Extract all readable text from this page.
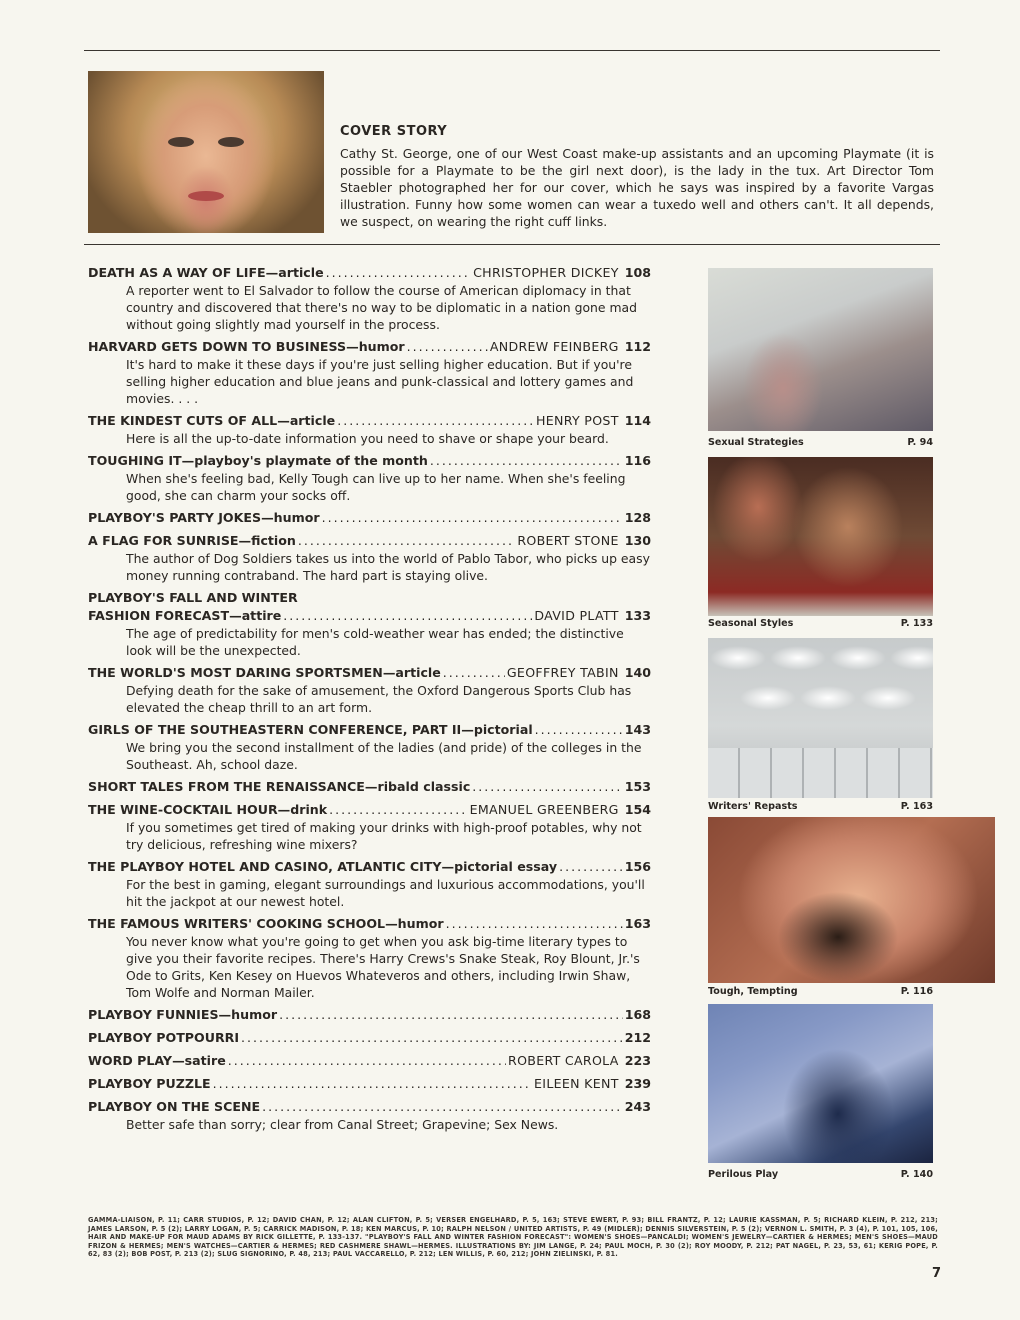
COVER STORY
Cathy St. George, one of our West Coast make-up assistants and an upcoming Playmate (it is possible for a Playmate to be the girl next door), is the lady in the tux. Art Director Tom Staebler photographed her for our cover, which he says was inspired by a favorite Vargas illustration. Funny how some women can wear a tuxedo well and others can't. It all depends, we suspect, on wearing the right cuff links.
DEATH AS A WAY OF LIFE—article .....	CHRISTOPHER DICKEY 108
A reporter went to El Salvador to follow the course of American diplomacy in that country and discovered that there's no way to be diplomatic in a nation gone mad without going slightly mad yourself in the process.
HARVARD GETS DOWN TO BUSINESS—humor .....	ANDREW FEINBERG 112
It's hard to make it these days if you're just selling higher education. But if you're selling higher education and blue jeans and punk-classical and lottery games and movies. . . .
THE KINDEST CUTS OF ALL—article .....	HENRY POST 114
Here is all the up-to-date information you need to shave or shape your beard.
TOUGHING IT—playboy's playmate of the month .....	116
When she's feeling bad, Kelly Tough can live up to her name. When she's feeling good, she can charm your socks off.
PLAYBOY'S PARTY JOKES—humor .....	128
A FLAG FOR SUNRISE—fiction .....	ROBERT STONE 130
The author of Dog Soldiers takes us into the world of Pablo Tabor, who picks up easy money running contraband. The hard part is staying olive.
PLAYBOY'S FALL AND WINTER
FASHION FORECAST—attire .....	DAVID PLATT 133
The age of predictability for men's cold-weather wear has ended; the distinctive look will be the unexpected.
THE WORLD'S MOST DARING SPORTSMEN—article .....	GEOFFREY TABIN 140
Defying death for the sake of amusement, the Oxford Dangerous Sports Club has elevated the cheap thrill to an art form.
GIRLS OF THE SOUTHEASTERN CONFERENCE, PART II—pictorial .....	143
We bring you the second installment of the ladies (and pride) of the colleges in the Southeast. Ah, school daze.
SHORT TALES FROM THE RENAISSANCE—ribald classic .....	153
THE WINE-COCKTAIL HOUR—drink .....	EMANUEL GREENBERG 154
If you sometimes get tired of making your drinks with high-proof potables, why not try delicious, refreshing wine mixers?
THE PLAYBOY HOTEL AND CASINO, ATLANTIC CITY—pictorial essay .....	156
For the best in gaming, elegant surroundings and luxurious accommodations, you'll hit the jackpot at our newest hotel.
THE FAMOUS WRITERS' COOKING SCHOOL—humor .....	163
You never know what you're going to get when you ask big-time literary types to give you their favorite recipes. There's Harry Crews's Snake Steak, Roy Blount, Jr.'s Ode to Grits, Ken Kesey on Huevos Whateveros and others, including Irwin Shaw, Tom Wolfe and Norman Mailer.
PLAYBOY FUNNIES—humor .....	168
PLAYBOY POTPOURRI .....	212
WORD PLAY—satire .....	ROBERT CAROLA 223
PLAYBOY PUZZLE .....	EILEEN KENT 239
PLAYBOY ON THE SCENE .....	243
Better safe than sorry; clear from Canal Street; Grapevine; Sex News.
Sexual Strategies	P. 94
Seasonal Styles	P. 133
Writers' Repasts	P. 163
Tough, Tempting	P. 116
Perilous Play	P. 140
GAMMA-LIAISON, P. 11; CARR STUDIOS, P. 12; DAVID CHAN, P. 12; ALAN CLIFTON, P. 5; VERSER ENGELHARD, P. 5, 163; STEVE EWERT, P. 93; BILL FRANTZ, P. 12; LAURIE KASSMAN, P. 5; RICHARD KLEIN, P. 212, 213; JAMES LARSON, P. 5 (2); LARRY LOGAN, P. 5; CARRICK MADISON, P. 18; KEN MARCUS, P. 10; RALPH NELSON / UNITED ARTISTS, P. 49 (MIDLER); DENNIS SILVERSTEIN, P. 5 (2); VERNON L. SMITH, P. 3 (4), P. 101, 105, 106, HAIR AND MAKE-UP FOR MAUD ADAMS BY RICK GILLETTE, P. 133-137. "PLAYBOY'S FALL AND WINTER FASHION FORECAST": WOMEN'S SHOES—PANCALDI; WOMEN'S JEWELRY—CARTIER & HERMES; MEN'S SHOES—MAUD FRIZON & HERMES; MEN'S WATCHES—CARTIER & HERMES; RED CASHMERE SHAWL—HERMES. ILLUSTRATIONS BY: JIM LANGE, P. 24; PAUL MOCH, P. 30 (2); ROY MOODY, P. 212; PAT NAGEL, P. 23, 53, 61; KERIG POPE, P. 62, 83 (2); BOB POST, P. 213 (2); SLUG SIGNORINO, P. 48, 213; PAUL VACCARELLO, P. 212; LEN WILLIS, P. 60, 212; JOHN ZIELINSKI, P. 81.
7
